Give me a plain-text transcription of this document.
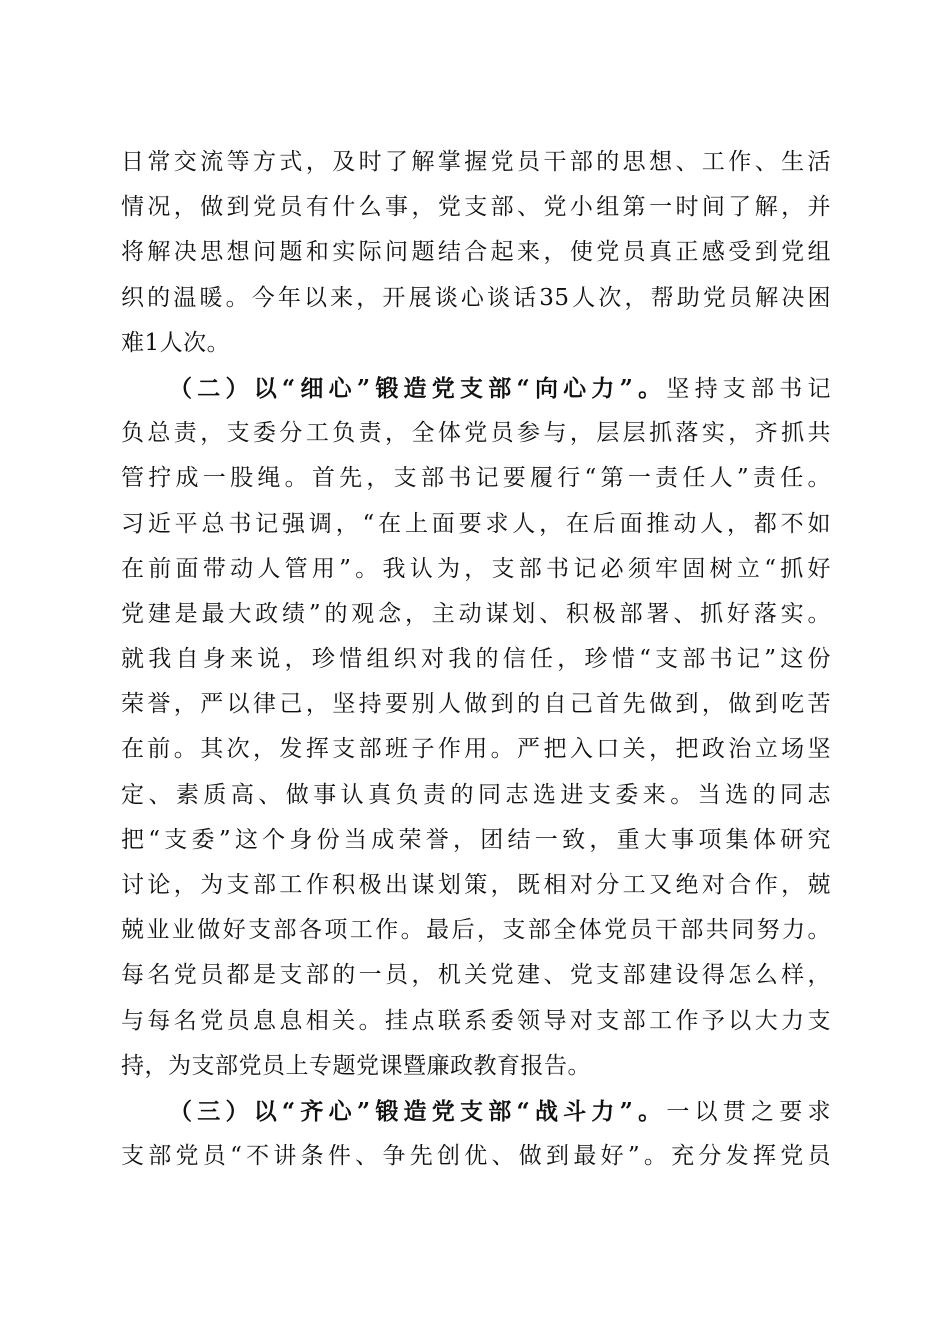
日常交流等方式，及时了解掌握党员干部的思想、工作、生活
情况，做到党员有什么事，党支部、党小组第一时间了解，并
将解决思想问题和实际问题结合起来，使党员真正感受到党组
织的温暖。今年以来，开展谈心谈话35人次，帮助党员解决困
难1人次。
（二）以“细心”锻造党支部“向心力”。坚持支部书记
负总责，支委分工负责，全体党员参与，层层抓落实，齐抓共
管拧成一股绳。首先，支部书记要履行“第一责任人”责任。
习近平总书记强调，“在上面要求人，在后面推动人，都不如
在前面带动人管用”。我认为，支部书记必须牢固树立“抓好
党建是最大政绩”的观念，主动谋划、积极部署、抓好落实。
就我自身来说，珍惜组织对我的信任，珍惜“支部书记”这份
荣誉，严以律己，坚持要别人做到的自己首先做到，做到吃苦
在前。其次，发挥支部班子作用。严把入口关，把政治立场坚
定、素质高、做事认真负责的同志选进支委来。当选的同志
把“支委”这个身份当成荣誉，团结一致，重大事项集体研究
讨论，为支部工作积极出谋划策，既相对分工又绝对合作，兢
兢业业做好支部各项工作。最后，支部全体党员干部共同努力。
每名党员都是支部的一员，机关党建、党支部建设得怎么样，
与每名党员息息相关。挂点联系委领导对支部工作予以大力支
持，为支部党员上专题党课暨廉政教育报告。
（三）以“齐心”锻造党支部“战斗力”。一以贯之要求
支部党员“不讲条件、争先创优、做到最好”。充分发挥党员
